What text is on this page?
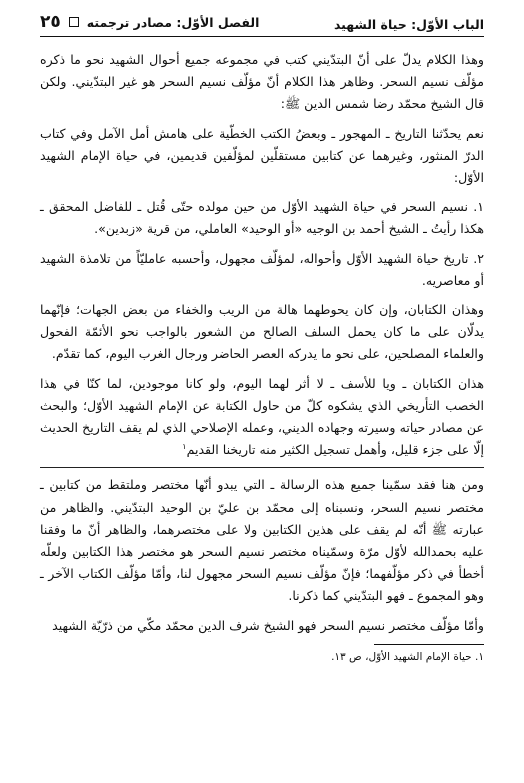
الباب الأوّل: حياة الشهيد
الفصل الأوّل: مصادر ترجمته
٢٥

وهذا الكلام يدلّ على أنّ البتدّيني كتب في مجموعه جميع أحوال الشهيد نحو ما ذكره مؤلّف نسيم السحر. وظاهر هذا الكلام أنّ مؤلّف نسيم السحر هو غير البتدّيني. ولكن قال الشيخ محمّد رضا شمس الدين ﷺ:

نعم يحدّثنا التاريخ ـ المهجور ـ وبعضُ الكتب الخطّية على هامش أمل الآمل وفي كتاب الدرّ المنثور، وغيرهما عن كتابين مستقلّين لمؤلّفين قديمين، في حياة الإمام الشهيد الأوّل:

١. نسيم السحر في حياة الشهيد الأوّل من حين مولده حتّى قُتل ـ للفاضل المحقق ـ هكذا رأيتُ ـ الشيخ أحمد بن الوجيه «أو الوحيد» العاملي، من قرية «زبدين».

٢. تاريخ حياة الشهيد الأوّل وأحواله، لمؤلّف مجهول، وأحسبه عامليّاً من تلامذة الشهيد أو معاصريه.

وهذان الكتابان، وإن كان يحوطهما هالة من الريب والخفاء من بعض الجهات؛ فإنّهما يدلّان على ما كان يحمل السلف الصالح من الشعور بالواجب نحو الأئمّة الفحول والعلماء المصلحين، على نحو ما يدركه العصر الحاضر ورجال الغرب اليوم، كما تقدّم.

هذان الكتابان ـ ويا للأسف ـ لا أثر لهما اليوم، ولو كانا موجودين، لما كنّا في هذا الخصب التأريخي الذي يشكوه كلّ من حاول الكتابة عن الإمام الشهيد الأوّل؛ والبحث عن مصادر حياته وسيرته وجهاده الديني، وعمله الإصلاحي الذي لم يقف التاريخ الحديث إلّا على جزء قليل، وأهمل تسجيل الكثير منه تاريخنا القديم$^١$

ومن هنا فقد سمّينا جميع هذه الرسالة ـ التي يبدو أنّها مختصر وملتقط من كتابين ـ مختصر نسيم السحر، ونسبناه إلى محمّد بن عليّ بن الوحيد البتدّيني. والظاهر من عبارته ﷺ أنّه لم يقف على هذين الكتابين ولا على مختصرهما، والظاهر أنّ ما وفقنا عليه بحمدالله لأوّل مرّة وسمّيناه مختصر نسيم السحر هو مختصر هذا الكتابين ولعلّه أخطأ في ذكر مؤلّفهما؛ فإنّ مؤلّف نسيم السحر مجهول لنا، وأمّا مؤلّف الكتاب الآخر ـ وهو المجموع ـ فهو البتدّيني كما ذكرنا.

وأمّا مؤلّف مختصر نسيم السحر فهو الشيخ شرف الدين محمّد مكّي من ذرّيّة الشهيد

١. حياة الإمام الشهيد الأوّل، ص ١٣.
